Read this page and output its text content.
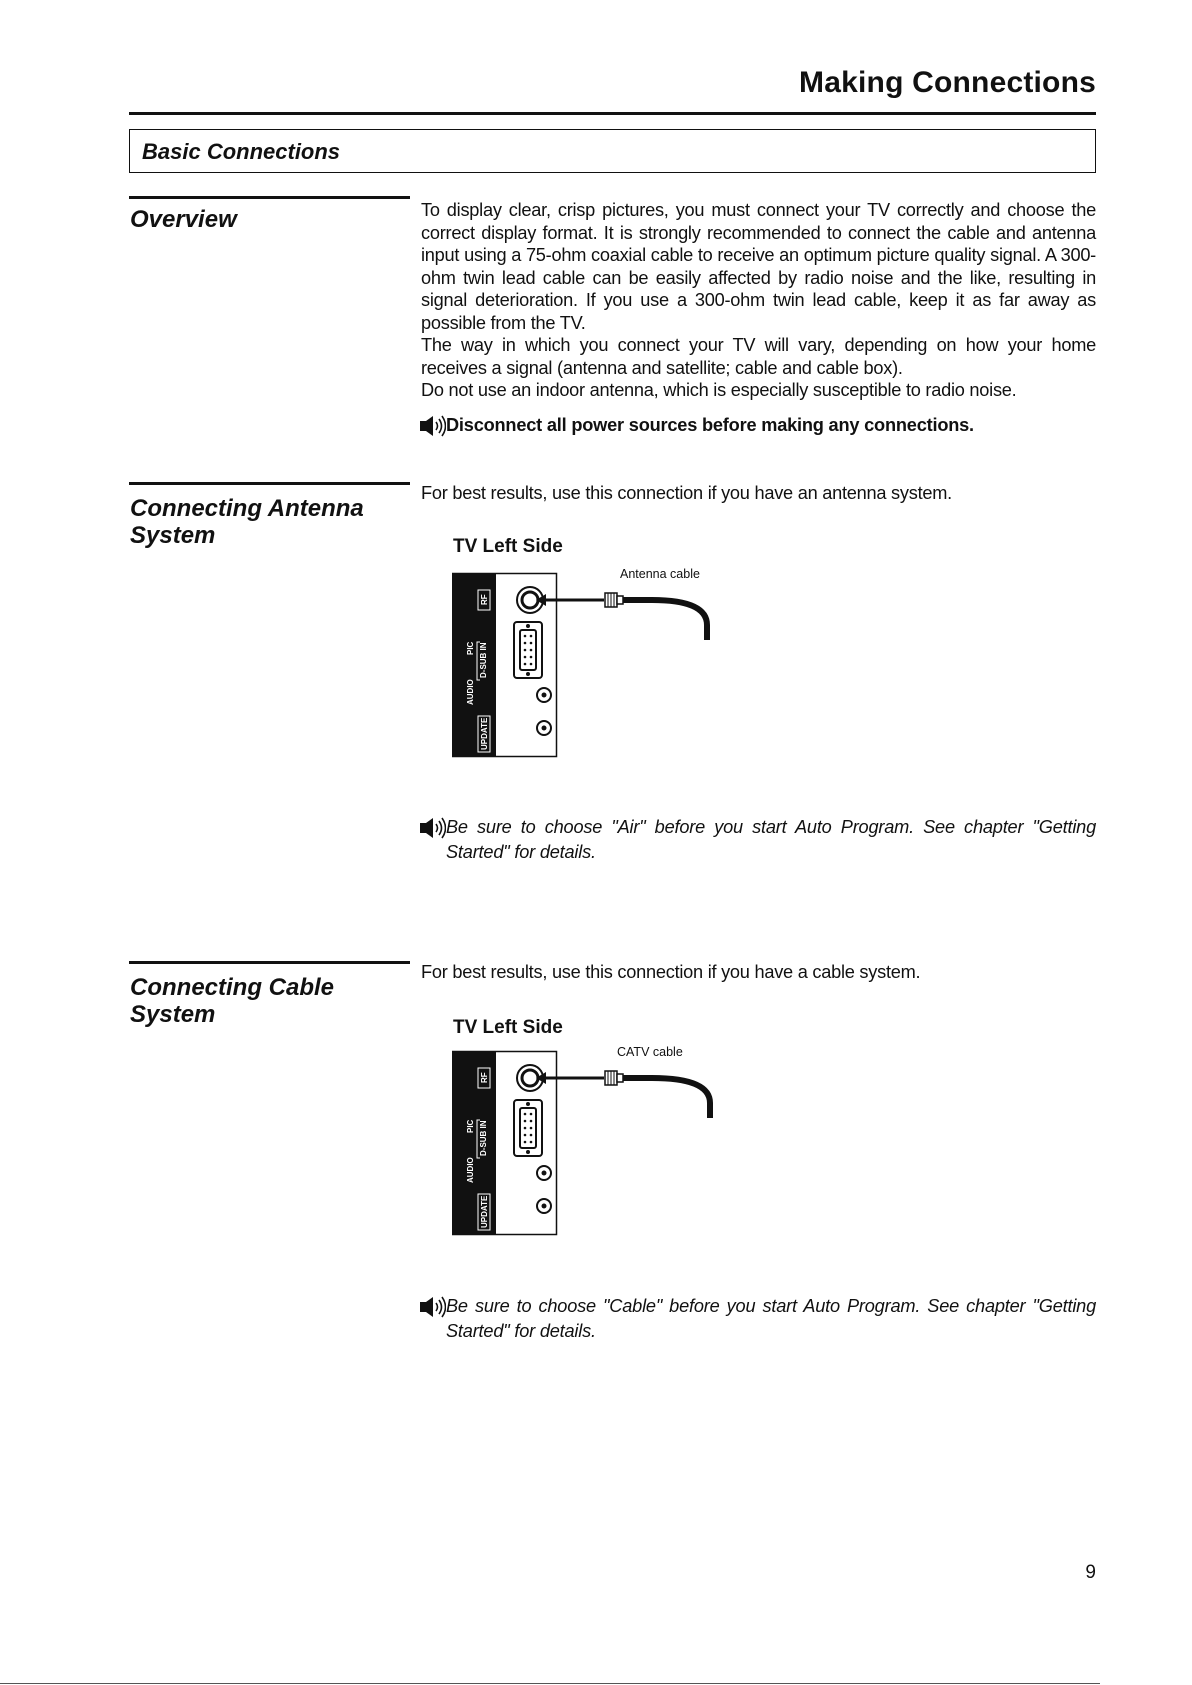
Making Connections
Basic Connections
Overview	To display clear, crisp pictures, you must connect your TV correctly and choose the correct display format. It is strongly recommended to connect the cable and antenna input using a 75-ohm coaxial cable to receive an optimum picture quality signal. A 300-ohm twin lead cable can be easily affected by radio noise and the like, resulting in signal deterioration. If you use a 300-ohm twin lead cable, keep it as far away as possible from the TV.

The way in which you connect your TV will vary, depending on how your home receives a signal (antenna and satellite; cable and cable box).

Do not use an indoor antenna, which is especially susceptible to radio noise.

Disconnect all power sources before making any connections.
Connecting Antenna
System
For best results, use this connection if you have an antenna system.
TV Left Side
Antenna cable
RF
PIC D-SUB IN
AUDIO
UPDATE
Be sure to choose "Air" before you start Auto Program. See chapter "Getting Started" for details.
Connecting Cable
System
For best results, use this connection if you have a cable system.
TV Left Side
CATV cable
RF
PIC D-SUB IN
AUDIO
UPDATE
Be sure to choose "Cable" before you start Auto Program. See chapter "Getting Started" for details.
9
